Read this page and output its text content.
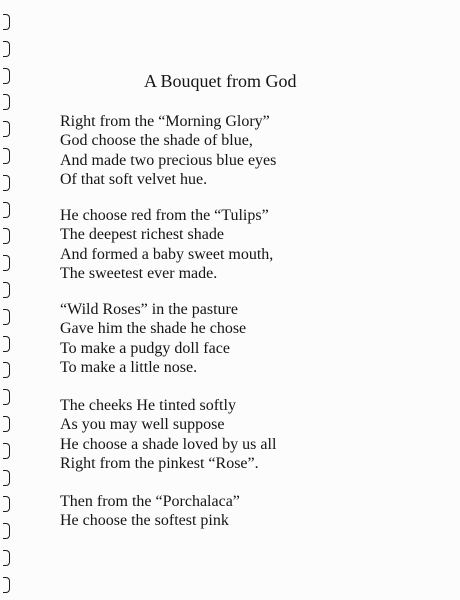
A Bouquet from God
Right from the “Morning Glory”
God choose the shade of blue,
And made two precious blue eyes
Of that soft velvet hue.
He choose red from the “Tulips”
The deepest richest shade
And formed a baby sweet mouth,
The sweetest ever made.
“Wild Roses” in the pasture
Gave him the shade he chose
To make a pudgy doll face
To make a little nose.
The cheeks He tinted softly
As you may well suppose
He choose a shade loved by us all
Right from the pinkest “Rose”.
Then from the “Porchalaca”
He choose the softest pink
